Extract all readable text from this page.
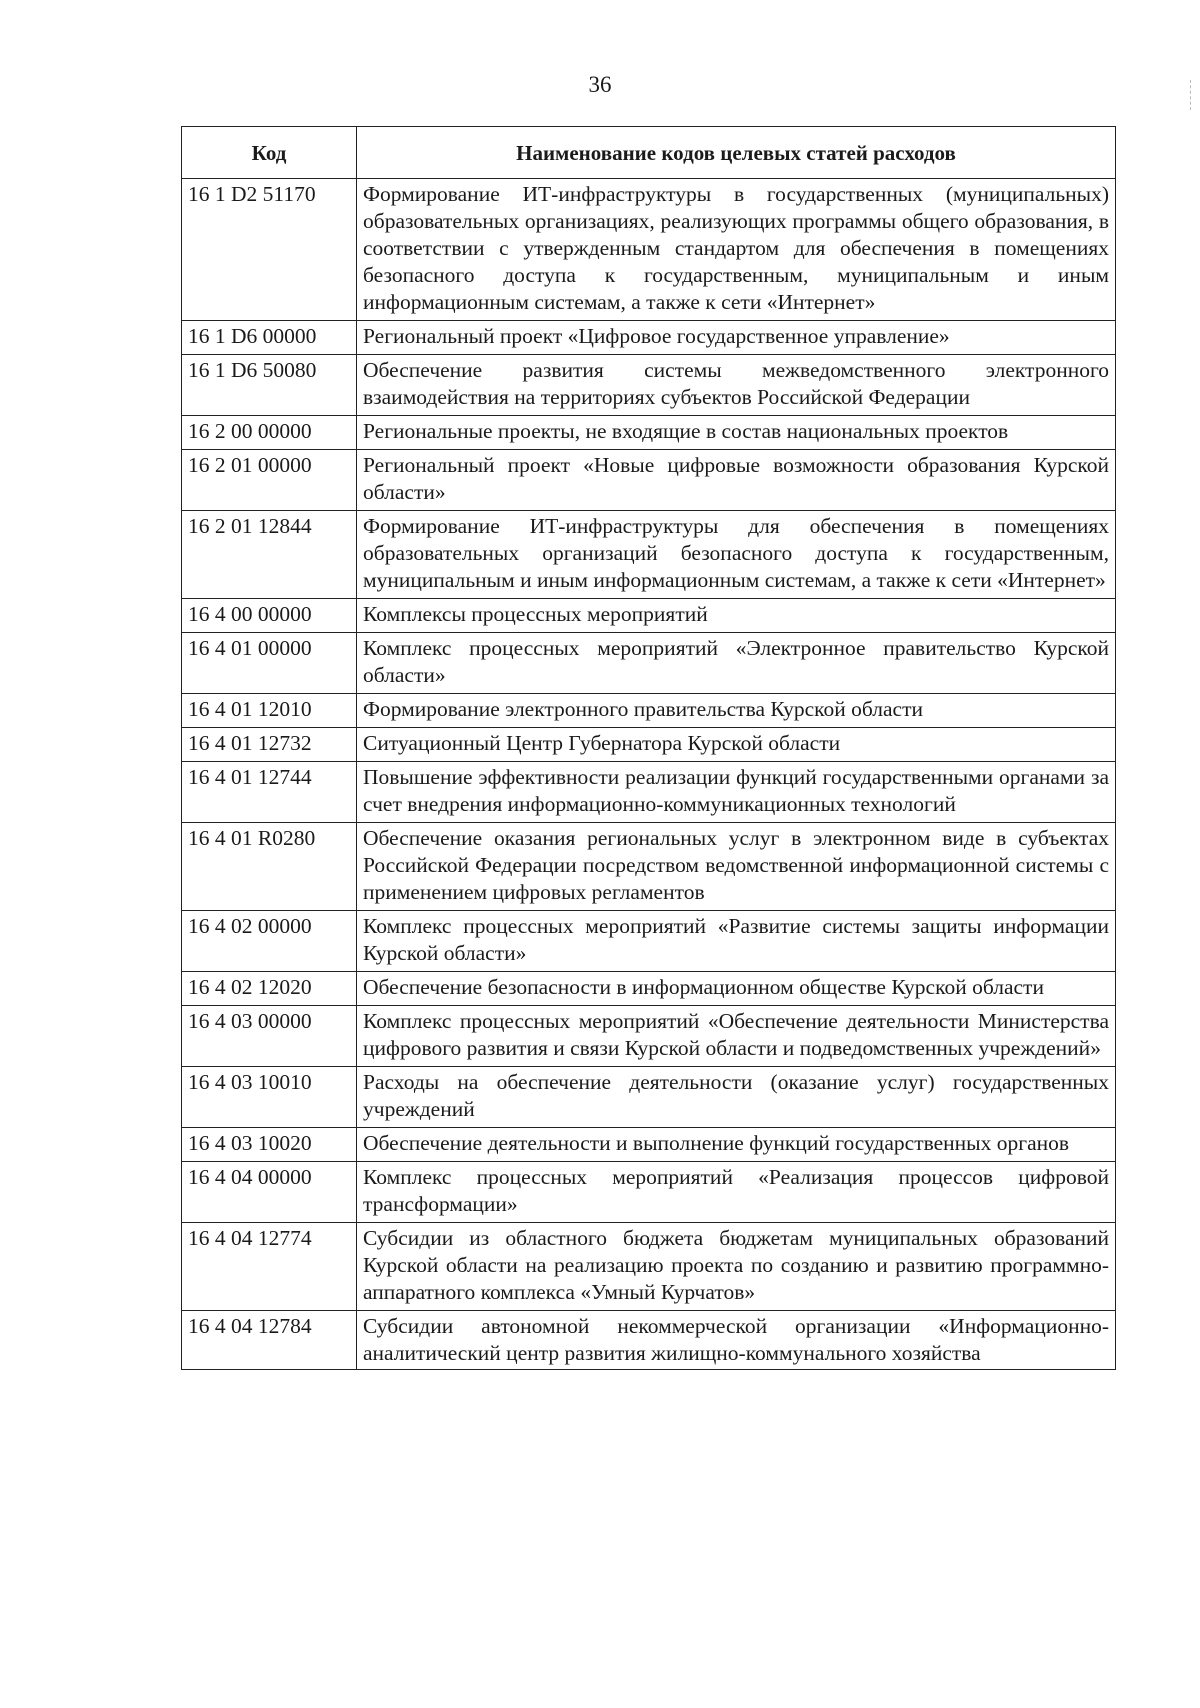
36
Код	Наименование кодов целевых статей расходов
16 1 D2 51170	Формирование ИТ-инфраструктуры в государственных (муниципальных) образовательных организациях, реализующих программы общего образования, в соответствии с утвержденным стандартом для обеспечения в помещениях безопасного доступа к государственным, муниципальным и иным информационным системам, а также к сети «Интернет»
16 1 D6 00000	Региональный проект «Цифровое государственное управление»
16 1 D6 50080	Обеспечение развития системы межведомственного электронного взаимодействия на территориях субъектов Российской Федерации
16 2 00 00000	Региональные проекты, не входящие в состав национальных проектов
16 2 01 00000	Региональный проект «Новые цифровые возможности образования Курской области»
16 2 01 12844	Формирование ИТ-инфраструктуры для обеспечения в помещениях образовательных организаций безопасного доступа к государственным, муниципальным и иным информационным системам, а также к сети «Интернет»
16 4 00 00000	Комплексы процессных мероприятий
16 4 01 00000	Комплекс процессных мероприятий «Электронное правительство Курской области»
16 4 01 12010	Формирование электронного правительства Курской области
16 4 01 12732	Ситуационный Центр Губернатора Курской области
16 4 01 12744	Повышение эффективности реализации функций государственными органами за счет внедрения информационно-коммуникационных технологий
16 4 01 R0280	Обеспечение оказания региональных услуг в электронном виде в субъектах Российской Федерации посредством ведомственной информационной системы с применением цифровых регламентов
16 4 02 00000	Комплекс процессных мероприятий «Развитие системы защиты информации Курской области»
16 4 02 12020	Обеспечение безопасности в информационном обществе Курской области
16 4 03 00000	Комплекс процессных мероприятий «Обеспечение деятельности Министерства цифрового развития и связи Курской области и подведомственных учреждений»
16 4 03 10010	Расходы на обеспечение деятельности (оказание услуг) государственных учреждений
16 4 03 10020	Обеспечение деятельности и выполнение функций государственных органов
16 4 04 00000	Комплекс процессных мероприятий «Реализация процессов цифровой трансформации»
16 4 04 12774	Субсидии из областного бюджета бюджетам муниципальных образований Курской области на реализацию проекта по созданию и развитию программно-аппаратного комплекса «Умный Курчатов»
16 4 04 12784	Субсидии автономной некоммерческой организации «Информационно-аналитический центр развития жилищно-коммунального хозяйства
